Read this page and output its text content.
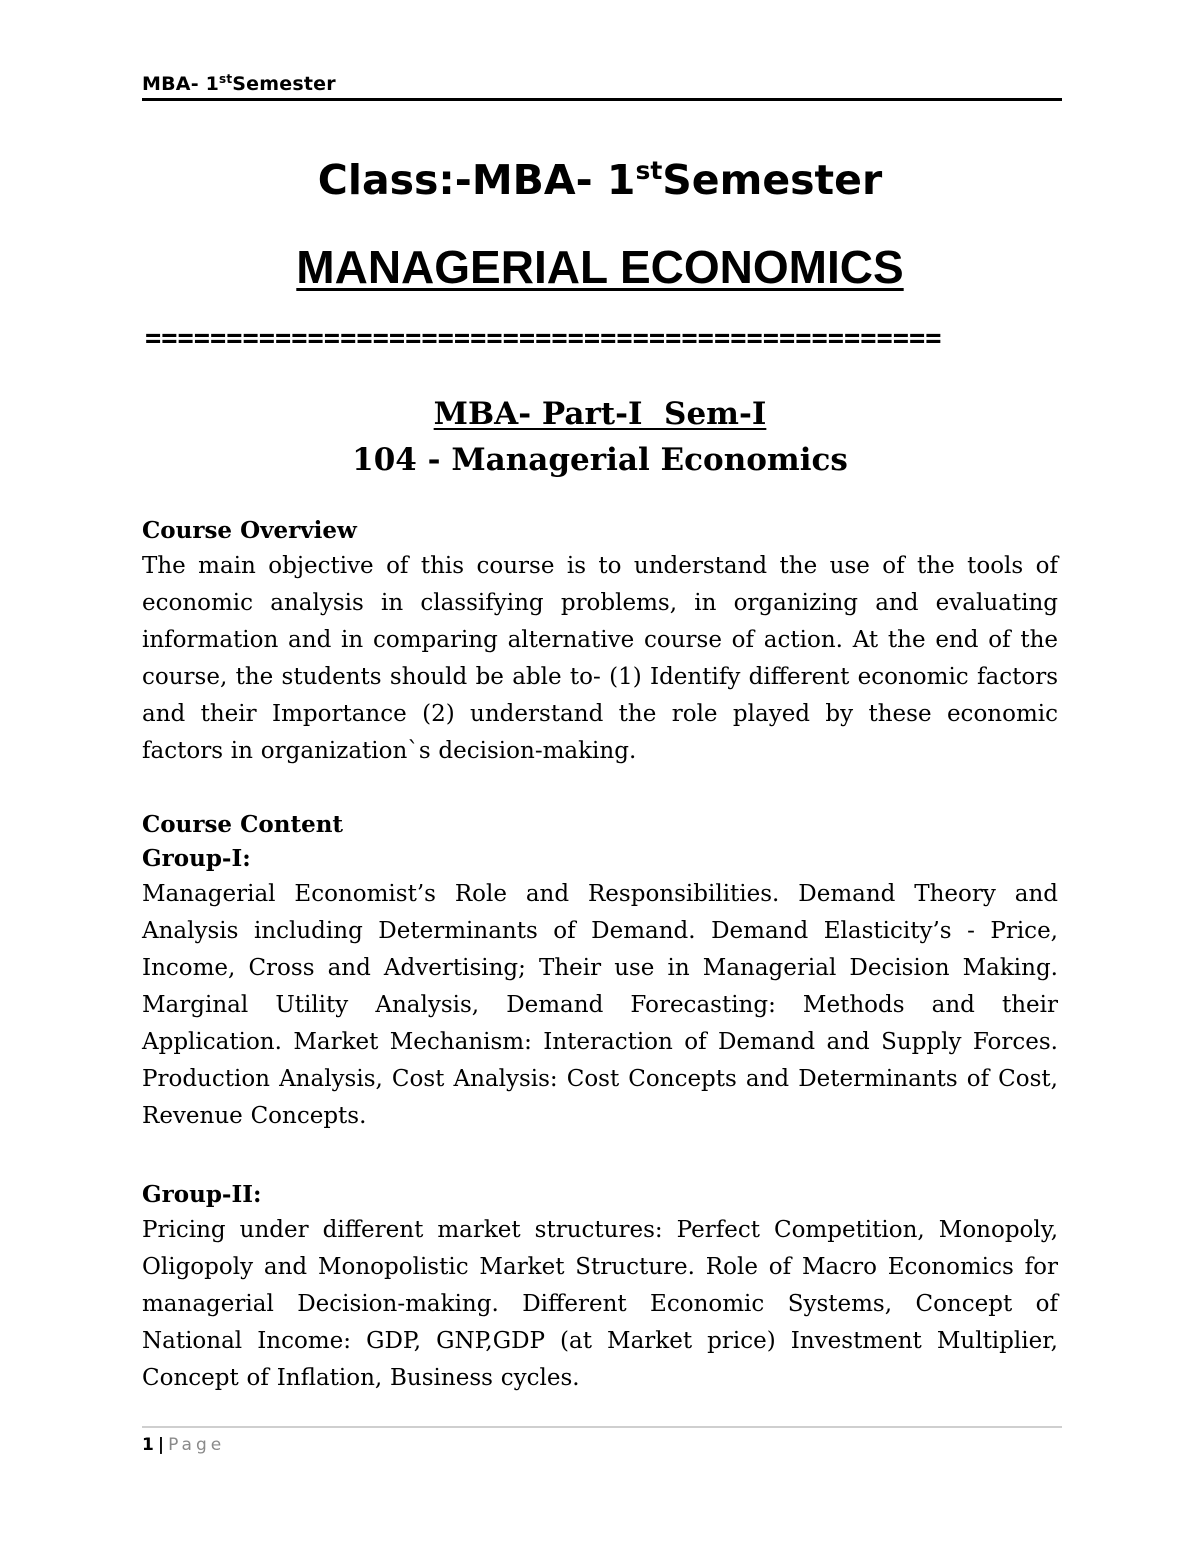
MBA- 1stSemester
Class:-MBA- 1stSemester
MANAGERIAL ECONOMICS
=================================================
MBA- Part-I  Sem-I
104 - Managerial Economics
Course Overview
The main objective of this course is to understand the use of the tools of economic analysis in classifying problems, in organizing and evaluating information and in comparing alternative course of action. At the end of the course, the students should be able to- (1) Identify different economic factors and their Importance (2) understand the role played by these economic factors in organization`s decision-making.
Course Content
Group-I:
Managerial Economist’s Role and Responsibilities. Demand Theory and Analysis including Determinants of Demand. Demand Elasticity’s - Price, Income, Cross and Advertising; Their use in Managerial Decision Making. Marginal Utility Analysis, Demand Forecasting: Methods and their Application. Market Mechanism: Interaction of Demand and Supply Forces. Production Analysis, Cost Analysis: Cost Concepts and Determinants of Cost, Revenue Concepts.
Group-II:
Pricing under different market structures: Perfect Competition, Monopoly, Oligopoly and Monopolistic Market Structure. Role of Macro Economics for managerial Decision-making. Different Economic Systems, Concept of National Income: GDP, GNP,GDP (at Market price) Investment Multiplier, Concept of Inflation, Business cycles.
1 | Page
